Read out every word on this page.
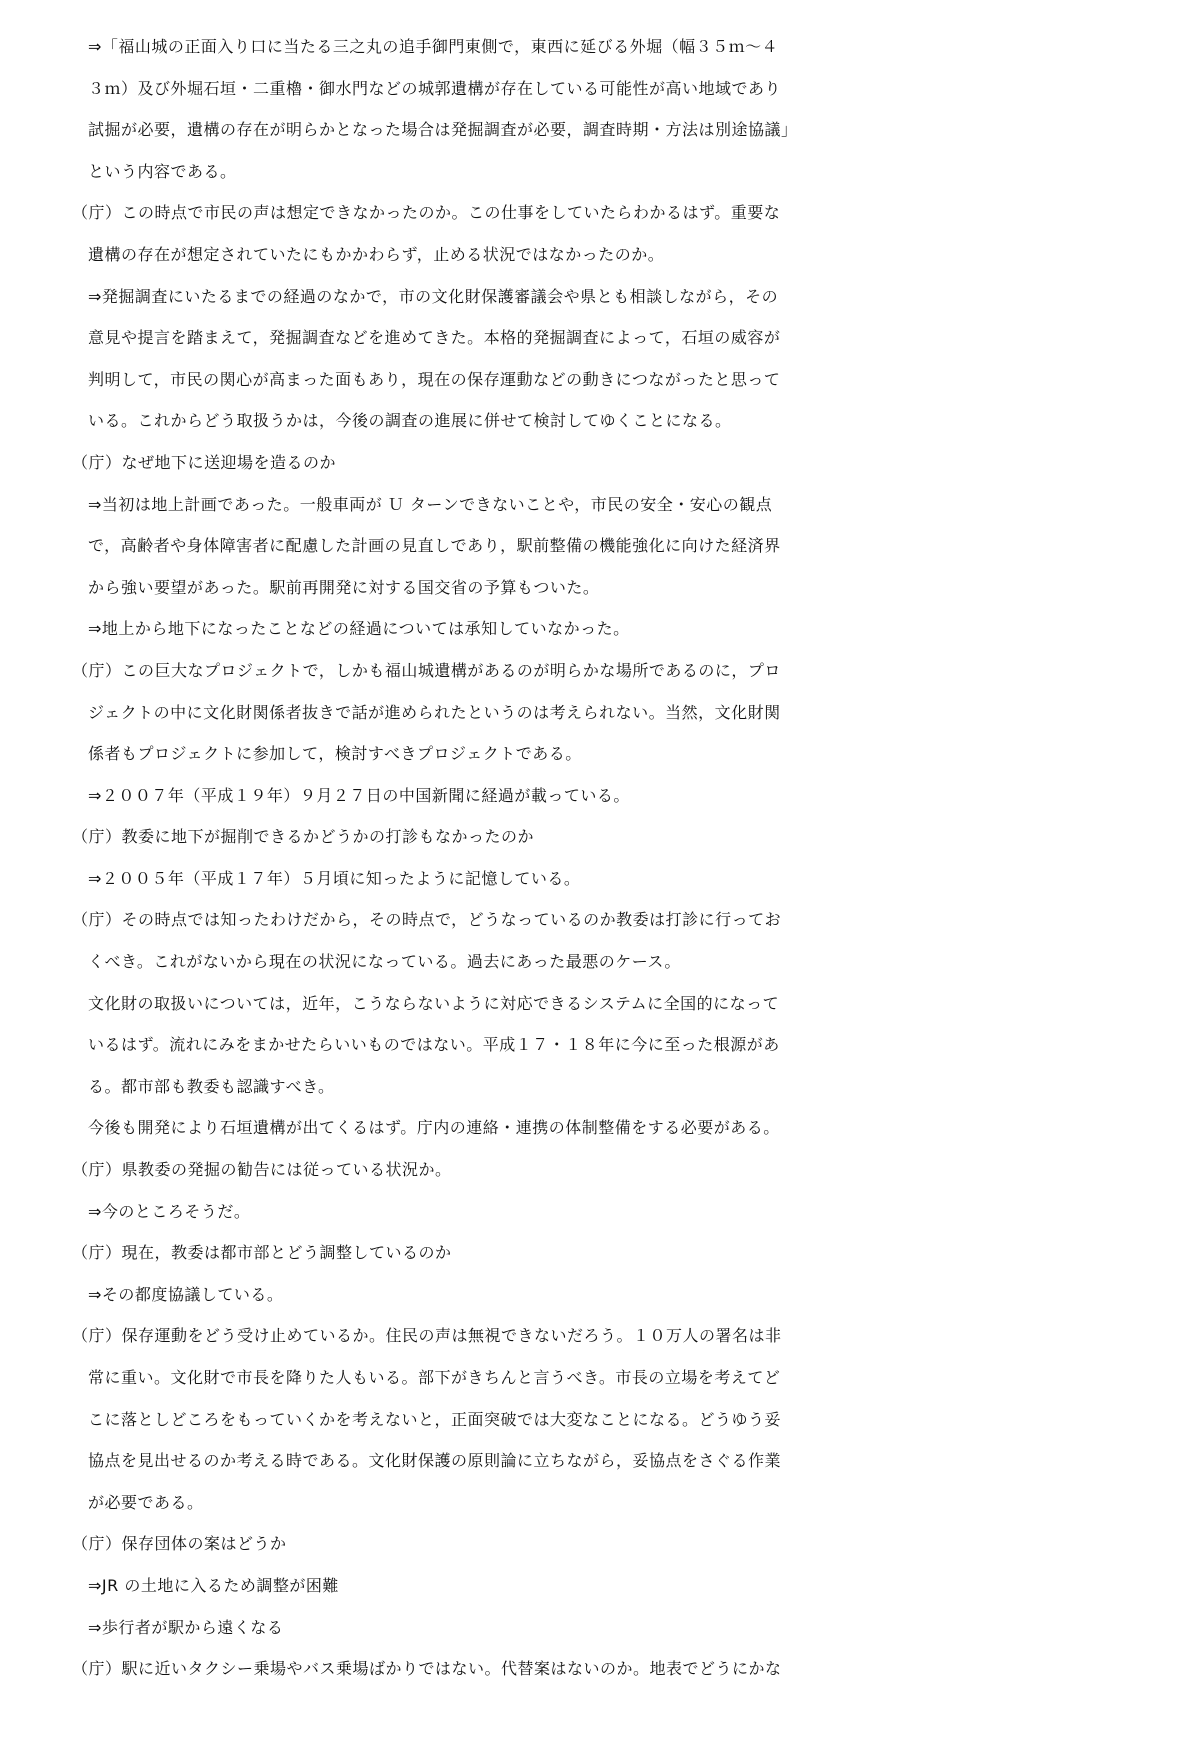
⇒「福山城の正面入り口に当たる三之丸の追手御門東側で，東西に延びる外堀（幅３５ｍ～４
３ｍ）及び外堀石垣・二重櫓・御水門などの城郭遺構が存在している可能性が高い地域であり
試掘が必要，遺構の存在が明らかとなった場合は発掘調査が必要，調査時期・方法は別途協議」
という内容である。
（庁）この時点で市民の声は想定できなかったのか。この仕事をしていたらわかるはず。重要な
遺構の存在が想定されていたにもかかわらず，止める状況ではなかったのか。
⇒発掘調査にいたるまでの経過のなかで，市の文化財保護審議会や県とも相談しながら，その
意見や提言を踏まえて，発掘調査などを進めてきた。本格的発掘調査によって，石垣の威容が
判明して，市民の関心が高まった面もあり，現在の保存運動などの動きにつながったと思って
いる。これからどう取扱うかは，今後の調査の進展に併せて検討してゆくことになる。
（庁）なぜ地下に送迎場を造るのか
⇒当初は地上計画であった。一般車両が Ｕ ターンできないことや，市民の安全・安心の観点
で，高齢者や身体障害者に配慮した計画の見直しであり，駅前整備の機能強化に向けた経済界
から強い要望があった。駅前再開発に対する国交省の予算もついた。
⇒地上から地下になったことなどの経過については承知していなかった。
（庁）この巨大なプロジェクトで，しかも福山城遺構があるのが明らかな場所であるのに，プロ
ジェクトの中に文化財関係者抜きで話が進められたというのは考えられない。当然，文化財関
係者もプロジェクトに参加して，検討すべきプロジェクトである。
⇒２００７年（平成１９年）９月２７日の中国新聞に経過が載っている。
（庁）教委に地下が掘削できるかどうかの打診もなかったのか
⇒２００５年（平成１７年）５月頃に知ったように記憶している。
（庁）その時点では知ったわけだから，その時点で，どうなっているのか教委は打診に行ってお
くべき。これがないから現在の状況になっている。過去にあった最悪のケース。
文化財の取扱いについては，近年，こうならないように対応できるシステムに全国的になって
いるはず。流れにみをまかせたらいいものではない。平成１７・１８年に今に至った根源があ
る。都市部も教委も認識すべき。
今後も開発により石垣遺構が出てくるはず。庁内の連絡・連携の体制整備をする必要がある。
（庁）県教委の発掘の勧告には従っている状況か。
⇒今のところそうだ。
（庁）現在，教委は都市部とどう調整しているのか
⇒その都度協議している。
（庁）保存運動をどう受け止めているか。住民の声は無視できないだろう。１０万人の署名は非
常に重い。文化財で市長を降りた人もいる。部下がきちんと言うべき。市長の立場を考えてど
こに落としどころをもっていくかを考えないと，正面突破では大変なことになる。どうゆう妥
協点を見出せるのか考える時である。文化財保護の原則論に立ちながら，妥協点をさぐる作業
が必要である。
（庁）保存団体の案はどうか
⇒JR の土地に入るため調整が困難
⇒歩行者が駅から遠くなる
（庁）駅に近いタクシー乗場やバス乗場ばかりではない。代替案はないのか。地表でどうにかな
